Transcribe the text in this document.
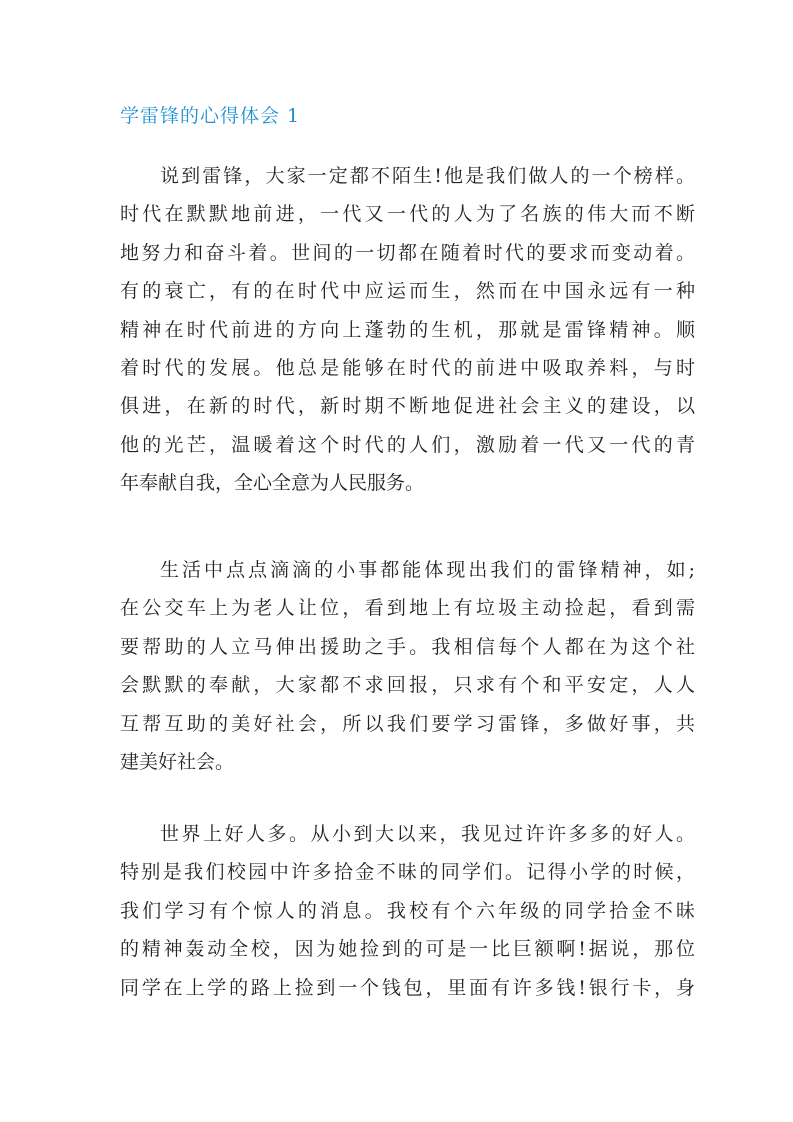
学雷锋的心得体会 1
说到雷锋，大家一定都不陌生!他是我们做人的一个榜样。
时代在默默地前进，一代又一代的人为了名族的伟大而不断
地努力和奋斗着。世间的一切都在随着时代的要求而变动着。
有的衰亡，有的在时代中应运而生，然而在中国永远有一种
精神在时代前进的方向上蓬勃的生机，那就是雷锋精神。顺
着时代的发展。他总是能够在时代的前进中吸取养料，与时
俱进，在新的时代，新时期不断地促进社会主义的建设，以
他的光芒，温暖着这个时代的人们，激励着一代又一代的青
年奉献自我，全心全意为人民服务。
生活中点点滴滴的小事都能体现出我们的雷锋精神，如;
在公交车上为老人让位，看到地上有垃圾主动捡起，看到需
要帮助的人立马伸出援助之手。我相信每个人都在为这个社
会默默的奉献，大家都不求回报，只求有个和平安定，人人
互帮互助的美好社会，所以我们要学习雷锋，多做好事，共
建美好社会。
世界上好人多。从小到大以来，我见过许许多多的好人。
特别是我们校园中许多拾金不昧的同学们。记得小学的时候，
我们学习有个惊人的消息。我校有个六年级的同学拾金不昧
的精神轰动全校，因为她捡到的可是一比巨额啊!据说，那位
同学在上学的路上捡到一个钱包，里面有许多钱!银行卡，身
